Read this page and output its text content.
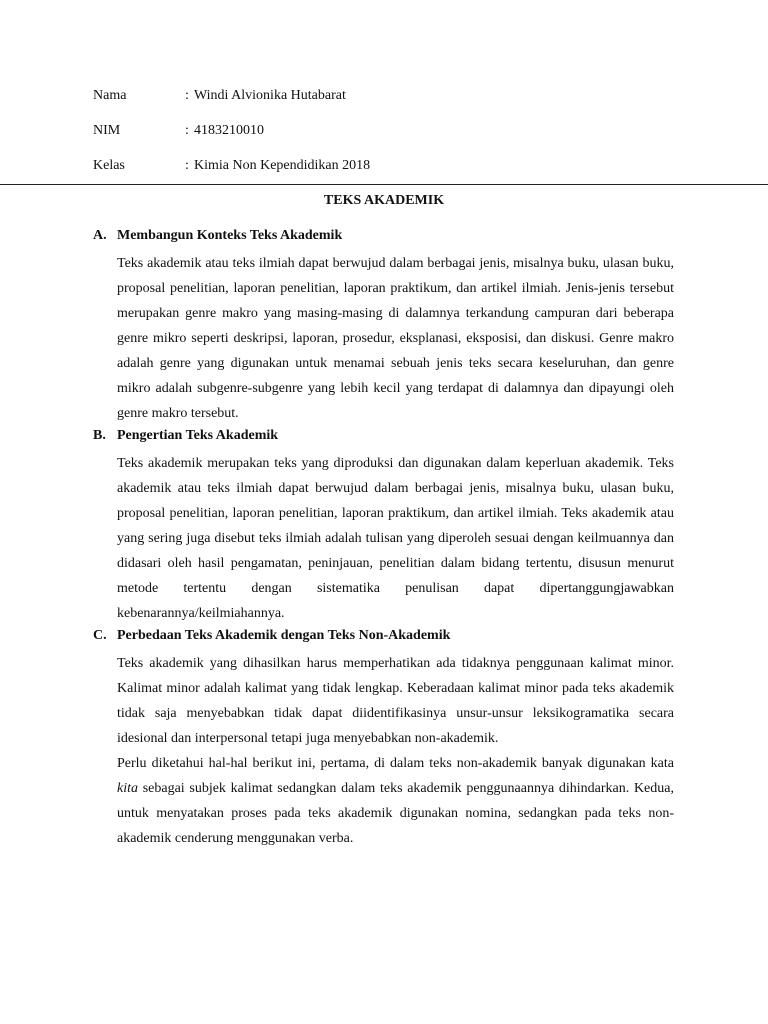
Nama	: Windi Alvionika Hutabarat
NIM	: 4183210010
Kelas	: Kimia Non Kependidikan 2018
TEKS AKADEMIK
A. Membangun Konteks Teks Akademik

Teks akademik atau teks ilmiah dapat berwujud dalam berbagai jenis, misalnya buku, ulasan buku, proposal penelitian, laporan penelitian, laporan praktikum, dan artikel ilmiah. Jenis-jenis tersebut merupakan genre makro yang masing-masing di dalamnya terkandung campuran dari beberapa genre mikro seperti deskripsi, laporan, prosedur, eksplanasi, eksposisi, dan diskusi. Genre makro adalah genre yang digunakan untuk menamai sebuah jenis teks secara keseluruhan, dan genre mikro adalah subgenre-subgenre yang lebih kecil yang terdapat di dalamnya dan dipayungi oleh genre makro tersebut.

B. Pengertian Teks Akademik

Teks akademik merupakan teks yang diproduksi dan digunakan dalam keperluan akademik. Teks akademik atau teks ilmiah dapat berwujud dalam berbagai jenis, misalnya buku, ulasan buku, proposal penelitian, laporan penelitian, laporan praktikum, dan artikel ilmiah. Teks akademik atau yang sering juga disebut teks ilmiah adalah tulisan yang diperoleh sesuai dengan keilmuannya dan didasari oleh hasil pengamatan, peninjauan, penelitian dalam bidang tertentu, disusun menurut metode tertentu dengan sistematika penulisan dapat dipertanggungjawabkan kebenarannya/keilmiahannya.

C. Perbedaan Teks Akademik dengan Teks Non-Akademik

Teks akademik yang dihasilkan harus memperhatikan ada tidaknya penggunaan kalimat minor. Kalimat minor adalah kalimat yang tidak lengkap. Keberadaan kalimat minor pada teks akademik tidak saja menyebabkan tidak dapat diidentifikasinya unsur-unsur leksikogramatika secara idesional dan interpersonal tetapi juga menyebabkan non-akademik.

Perlu diketahui hal-hal berikut ini, pertama, di dalam teks non-akademik banyak digunakan kata kita sebagai subjek kalimat sedangkan dalam teks akademik penggunaannya dihindarkan. Kedua, untuk menyatakan proses pada teks akademik digunakan nomina, sedangkan pada teks non-akademik cenderung menggunakan verba.
